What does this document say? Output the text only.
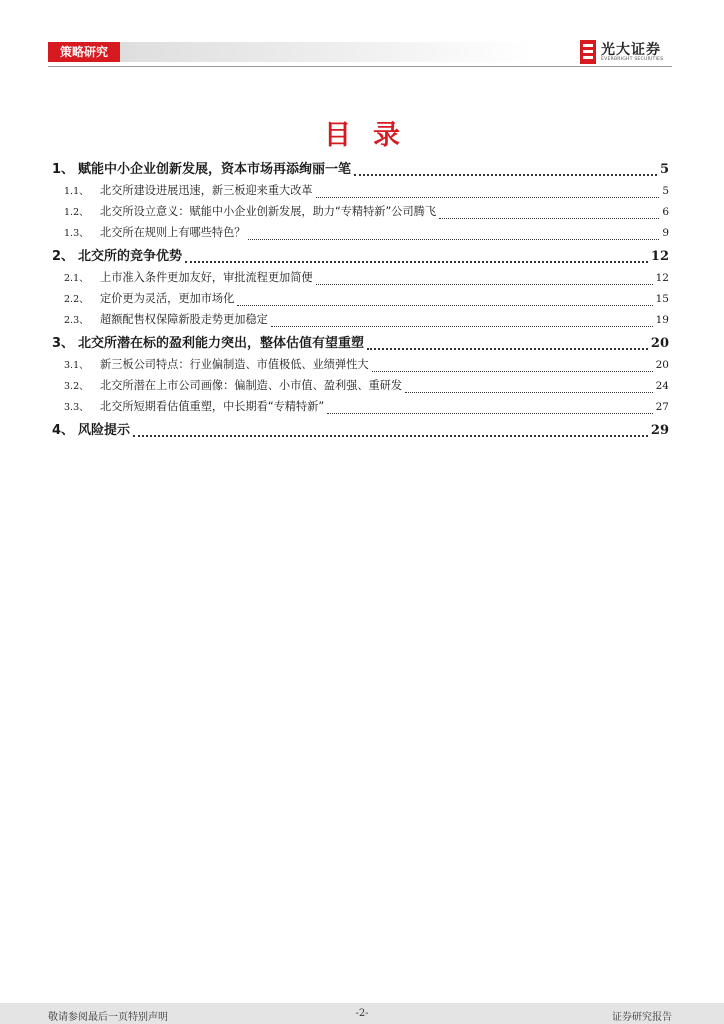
策略研究	光大证券
EVERBRIGHT SECURITIES
目录
1、 赋能中小企业创新发展，资本市场再添绚丽一笔	5
1.1、	北交所建设进展迅速，新三板迎来重大改革	5
1.2、	北交所设立意义：赋能中小企业创新发展，助力“专精特新”公司腾飞	6
1.3、	北交所在规则上有哪些特色？	9
2、 北交所的竞争优势	12
2.1、	上市准入条件更加友好，审批流程更加简便	12
2.2、	定价更为灵活，更加市场化	15
2.3、	超额配售权保障新股走势更加稳定	19
3、 北交所潜在标的盈利能力突出，整体估值有望重塑	20
3.1、	新三板公司特点：行业偏制造、市值极低、业绩弹性大	20
3.2、	北交所潜在上市公司画像：偏制造、小市值、盈利强、重研发	24
3.3、	北交所短期看估值重塑，中长期看“专精特新”	27
4、 风险提示	29
敬请参阅最后一页特别声明	-2-	证券研究报告
